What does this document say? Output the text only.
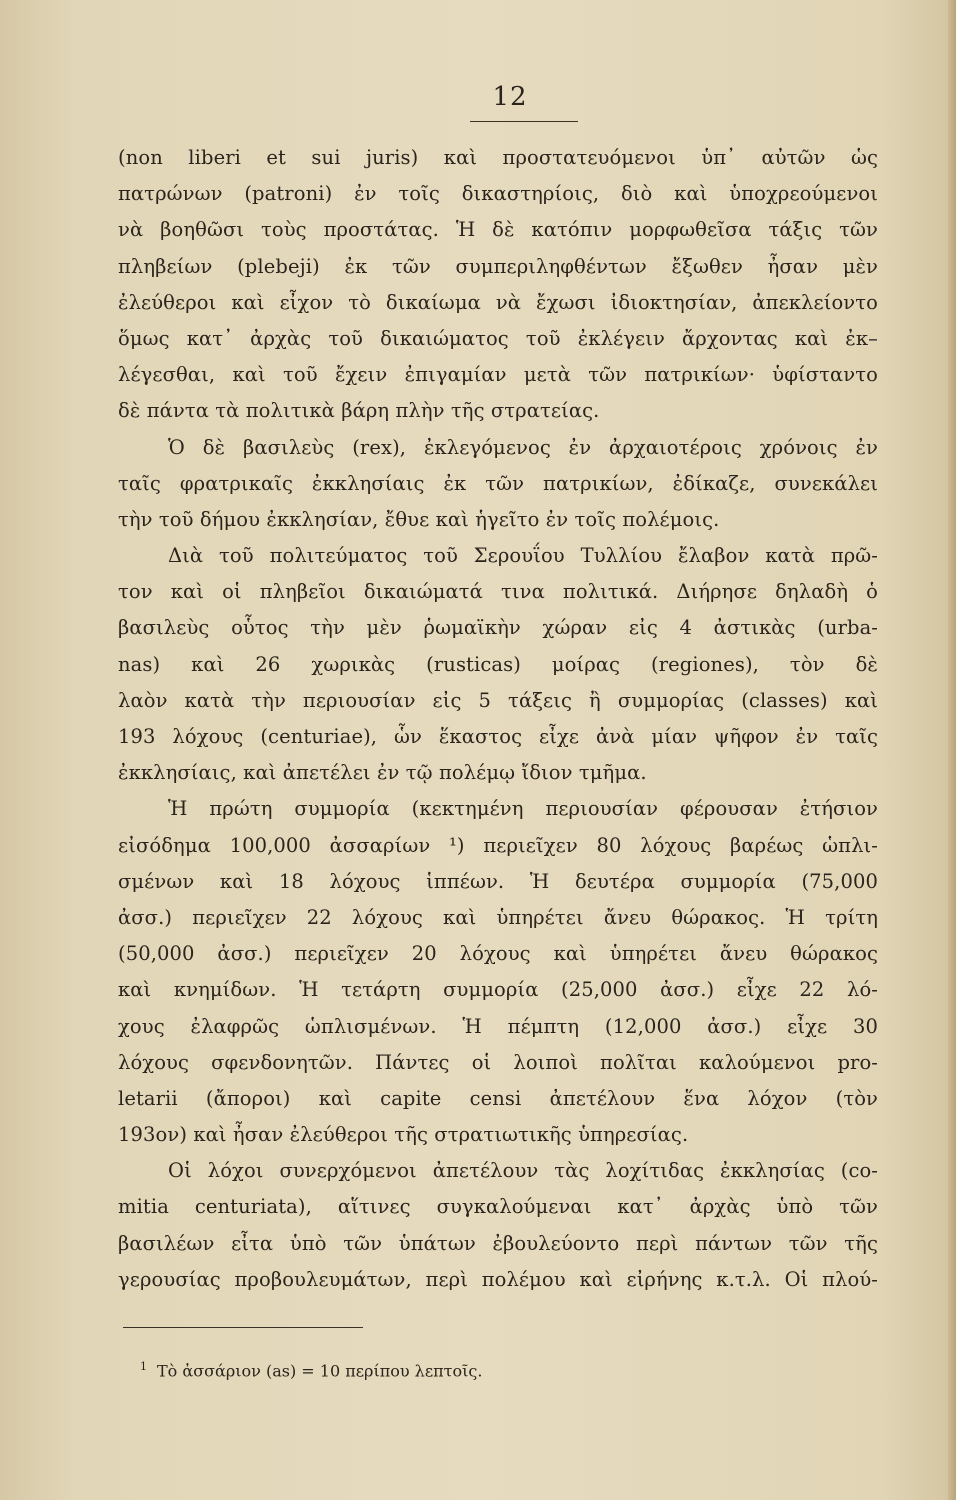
12
(non liberi et sui juris) καὶ προστατευόμενοι ὑπ᾽ αὐτῶν ὡς
πατρώνων (patroni) ἐν τοῖς δικαστηρίοις, διὸ καὶ ὑποχρεούμενοι
νὰ βοηθῶσι τοὺς προστάτας. Ἡ δὲ κατόπιν μορφωθεῖσα τάξις τῶν
πληβείων (plebeji) ἐκ τῶν συμπεριληφθέντων ἔξωθεν ἦσαν μὲν
ἐλεύθεροι καὶ εἶχον τὸ δικαίωμα νὰ ἔχωσι ἰδιοκτησίαν, ἀπεκλείοντο
ὅμως κατ᾽ ἀρχὰς τοῦ δικαιώματος τοῦ ἐκλέγειν ἄρχοντας καὶ ἐκ–
λέγεσθαι, καὶ τοῦ ἔχειν ἐπιγαμίαν μετὰ τῶν πατρικίων· ὑφίσταντο
δὲ πάντα τὰ πολιτικὰ βάρη πλὴν τῆς στρατείας.
Ὁ δὲ βασιλεὺς (rex), ἐκλεγόμενος ἐν ἀρχαιοτέροις χρόνοις ἐν
ταῖς φρατρικαῖς ἐκκλησίαις ἐκ τῶν πατρικίων, ἐδίκαζε, συνεκάλει
τὴν τοῦ δήμου ἐκκλησίαν, ἔθυε καὶ ἡγεῖτο ἐν τοῖς πολέμοις.
Διὰ τοῦ πολιτεύματος τοῦ Σερουΐου Τυλλίου ἔλαβον κατὰ πρῶ-
τον καὶ οἱ πληβεῖοι δικαιώματά τινα πολιτικά. Διήρησε δηλαδὴ ὁ
βασιλεὺς οὗτος τὴν μὲν ῥωμαϊκὴν χώραν εἰς 4 ἀστικὰς (urba-
nas) καὶ 26 χωρικὰς (rusticas) μοίρας (regiones), τὸν δὲ
λαὸν κατὰ τὴν περιουσίαν εἰς 5 τάξεις ἢ συμμορίας (classes) καὶ
193 λόχους (centuriae), ὧν ἕκαστος εἶχε ἀνὰ μίαν ψῆφον ἐν ταῖς
ἐκκλησίαις, καὶ ἀπετέλει ἐν τῷ πολέμῳ ἴδιον τμῆμα.
Ἡ πρώτη συμμορία (κεκτημένη περιουσίαν φέρουσαν ἐτήσιον
εἰσόδημα 100,000 ἀσσαρίων ¹) περιεῖχεν 80 λόχους βαρέως ὡπλι-
σμένων καὶ 18 λόχους ἱππέων. Ἡ δευτέρα συμμορία (75,000
ἀσσ.) περιεῖχεν 22 λόχους καὶ ὑπηρέτει ἄνευ θώρακος. Ἡ τρίτη
(50,000 ἀσσ.) περιεῖχεν 20 λόχους καὶ ὑπηρέτει ἄνευ θώρακος
καὶ κνημίδων. Ἡ τετάρτη συμμορία (25,000 ἀσσ.) εἶχε 22 λό-
χους ἐλαφρῶς ὡπλισμένων. Ἡ πέμπτη (12,000 ἀσσ.) εἶχε 30
λόχους σφενδονητῶν. Πάντες οἱ λοιποὶ πολῖται καλούμενοι pro-
letarii (ἄποροι) καὶ capite censi ἀπετέλουν ἕνα λόχον (τὸν
193ον) καὶ ἦσαν ἐλεύθεροι τῆς στρατιωτικῆς ὑπηρεσίας.
Οἱ λόχοι συνερχόμενοι ἀπετέλουν τὰς λοχίτιδας ἐκκλησίας (co-
mitia centuriata), αἵτινες συγκαλούμεναι κατ᾽ ἀρχὰς ὑπὸ τῶν
βασιλέων εἶτα ὑπὸ τῶν ὑπάτων ἐβουλεύοντο περὶ πάντων τῶν τῆς
γερουσίας προβουλευμάτων, περὶ πολέμου καὶ εἰρήνης κ.τ.λ. Οἱ πλού-
$^1$ Τὸ ἀσσάριον (as) = 10 περίπου λεπτοῖς.
